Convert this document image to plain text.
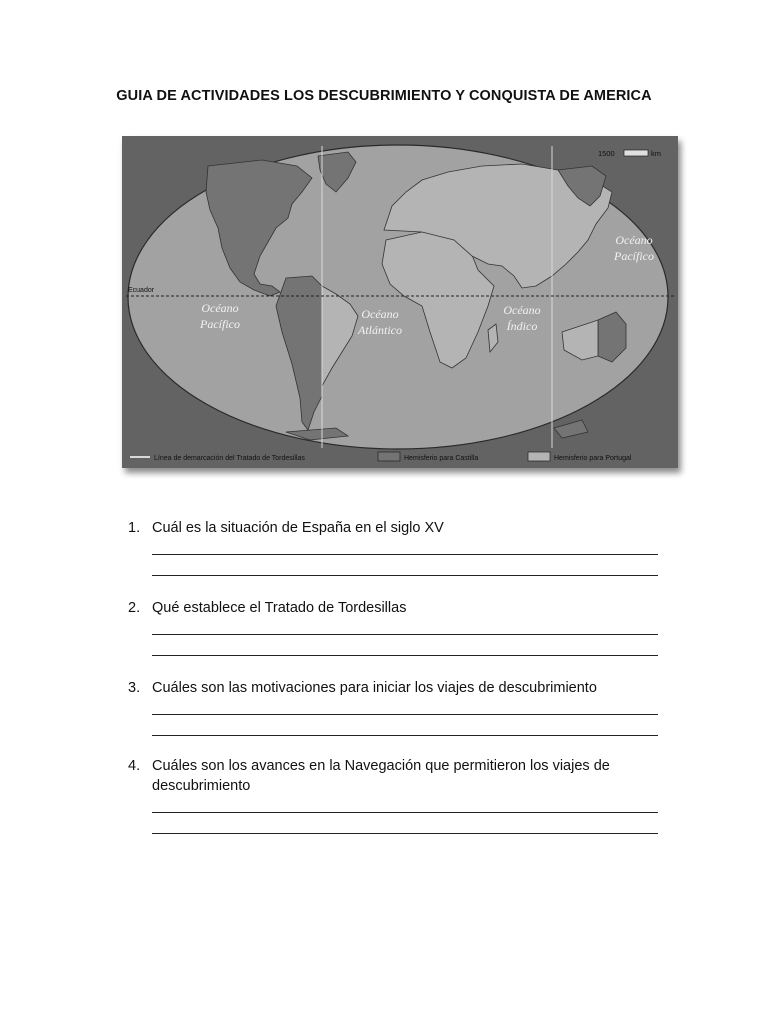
GUIA DE ACTIVIDADES LOS DESCUBRIMIENTO Y CONQUISTA DE AMERICA
Ecuador
1500	km
Océano
Pacífico
Océano
Pacífico
Océano
Atlántico
Océano
Índico
Línea de demarcación del Tratado de Tordesillas	Hemisferio para Castilla	Hemisferio para Portugal
1. Cuál es la situación de España en el siglo XV
2. Qué establece el Tratado de Tordesillas
3. Cuáles son las motivaciones para iniciar los viajes de descubrimiento
4. Cuáles son los avances en la Navegación que permitieron los viajes de descubrimiento
